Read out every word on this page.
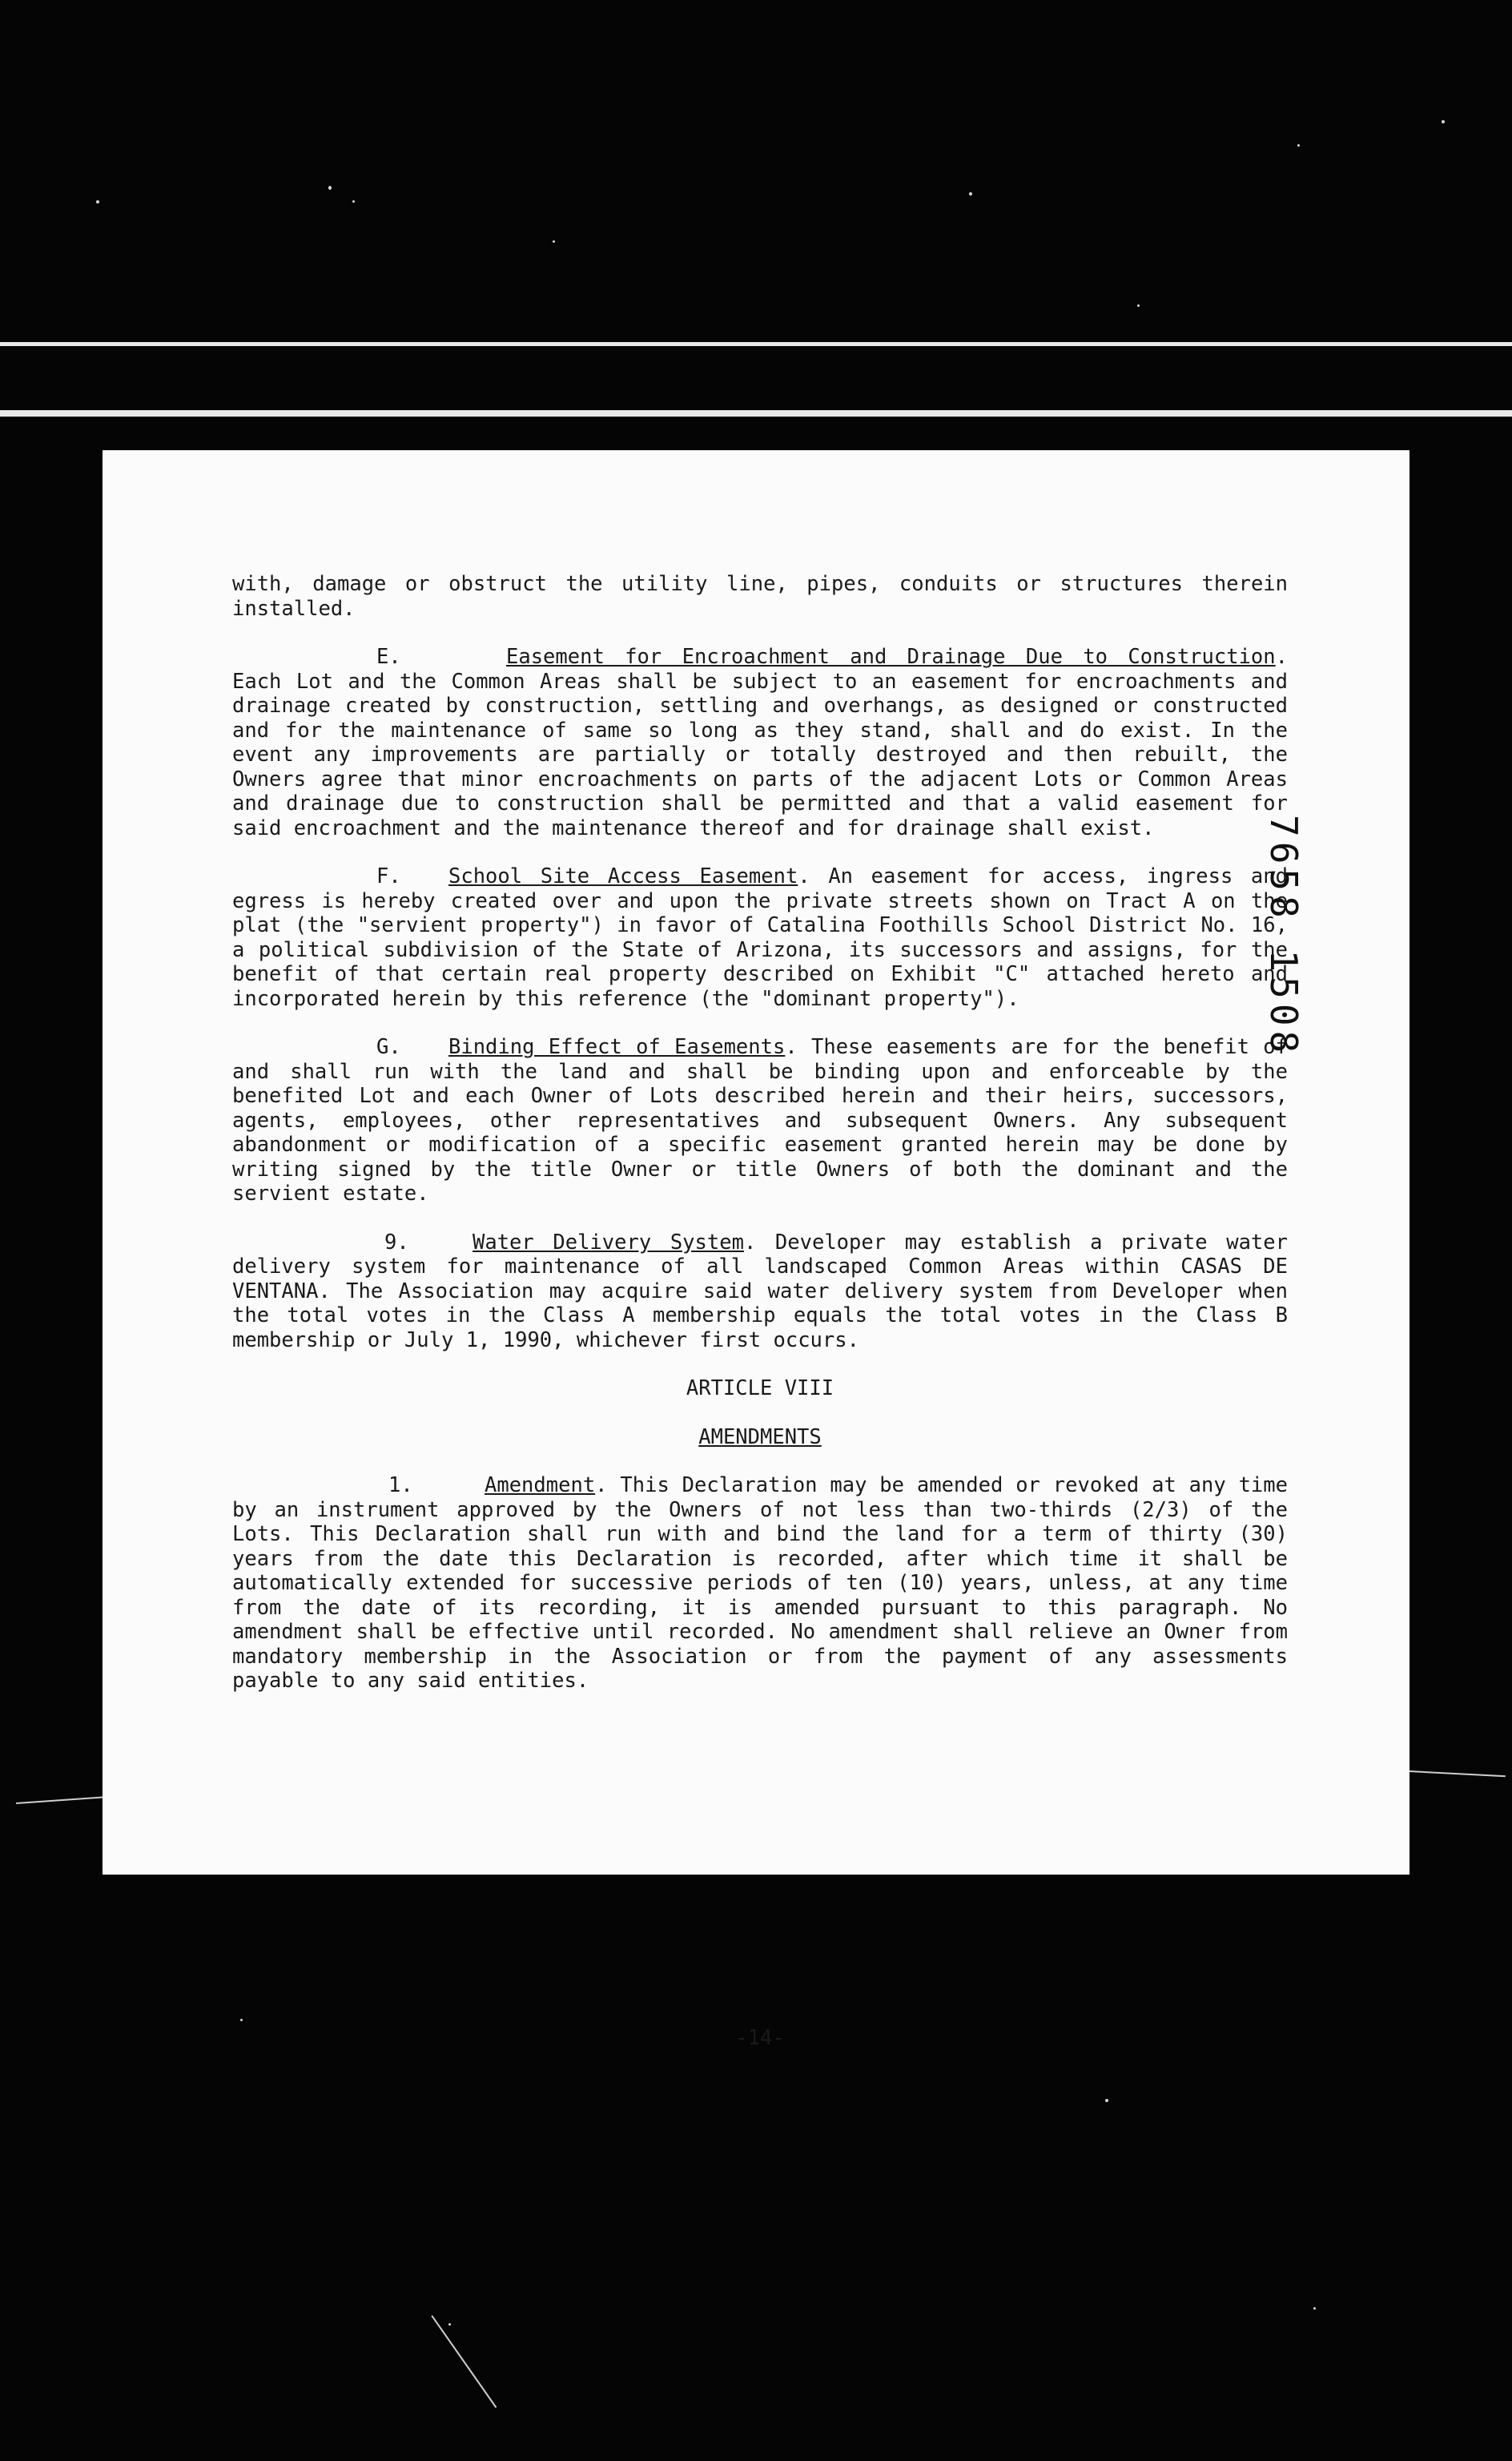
with, damage or obstruct the utility line, pipes, conduits or structures therein installed.

E.	Easement for Encroachment and Drainage Due to Construction. Each Lot and the Common Areas shall be subject to an easement for encroachments and drainage created by construction, settling and overhangs, as designed or constructed and for the maintenance of same so long as they stand, shall and do exist. In the event any improvements are partially or totally destroyed and then rebuilt, the Owners agree that minor encroachments on parts of the adjacent Lots or Common Areas and drainage due to construction shall be permitted and that a valid easement for said encroachment and the maintenance thereof and for drainage shall exist.

F. School Site Access Easement. An easement for access, ingress and egress is hereby created over and upon the private streets shown on Tract A on the plat (the "servient property") in favor of Catalina Foothills School District No. 16, a political subdivision of the State of Arizona, its successors and assigns, for the benefit of that certain real property described on Exhibit "C" attached hereto and incorporated herein by this reference (the "dominant property").

G. Binding Effect of Easements. These easements are for the benefit of and shall run with the land and shall be binding upon and enforceable by the benefited Lot and each Owner of Lots described herein and their heirs, successors, agents, employees, other representatives and subsequent Owners. Any subsequent abandonment or modification of a specific easement granted herein may be done by writing signed by the title Owner or title Owners of both the dominant and the servient estate.

9.	Water Delivery System. Developer may establish a private water delivery system for maintenance of all landscaped Common Areas within CASAS DE VENTANA. The Association may acquire said water delivery system from Developer when the total votes in the Class A membership equals the total votes in the Class B membership or July 1, 1990, whichever first occurs.

ARTICLE VIII

AMENDMENTS

1.	Amendment. This Declaration may be amended or revoked at any time by an instrument approved by the Owners of not less than two-thirds (2/3) of the Lots. This Declaration shall run with and bind the land for a term of thirty (30) years from the date this Declaration is recorded, after which time it shall be automatically extended for successive periods of ten (10) years, unless, at any time from the date of its recording, it is amended pursuant to this paragraph. No amendment shall be effective until recorded. No amendment shall relieve an Owner from mandatory membership in the Association or from the payment of any assessments payable to any said entities.

-14-
7658 1508
